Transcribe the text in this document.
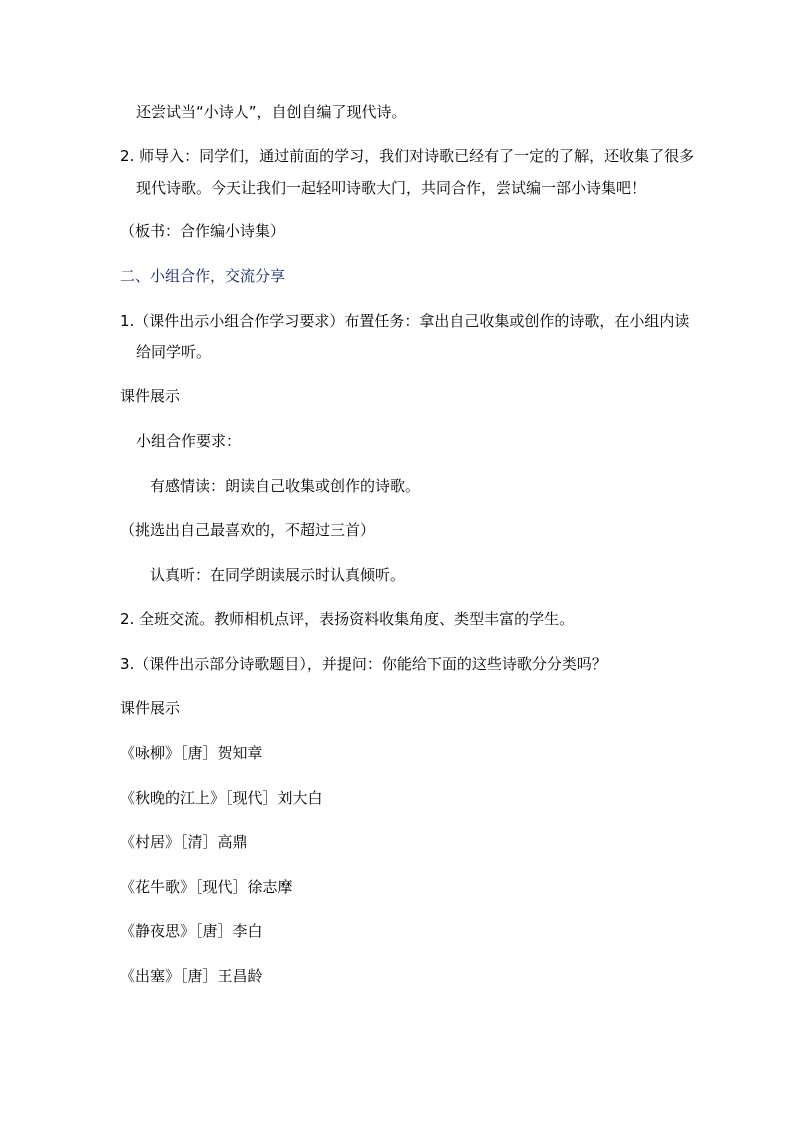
还尝试当“小诗人”，自创自编了现代诗。
2. 师导入：同学们，通过前面的学习，我们对诗歌已经有了一定的了解，还收集了很多
现代诗歌。今天让我们一起轻叩诗歌大门，共同合作，尝试编一部小诗集吧！
（板书：合作编小诗集）
二、小组合作，交流分享
1.（课件出示小组合作学习要求）布置任务：拿出自己收集或创作的诗歌，在小组内读
给同学听。
课件展示
小组合作要求：
有感情读：朗读自己收集或创作的诗歌。
（挑选出自己最喜欢的，不超过三首）
认真听：在同学朗读展示时认真倾听。
2. 全班交流。教师相机点评，表扬资料收集角度、类型丰富的学生。
3.（课件出示部分诗歌题目），并提问：你能给下面的这些诗歌分分类吗？
课件展示
《咏柳》［唐］贺知章
《秋晚的江上》［现代］刘大白
《村居》［清］高鼎
《花牛歌》［现代］徐志摩
《静夜思》［唐］李白
《出塞》［唐］王昌龄
